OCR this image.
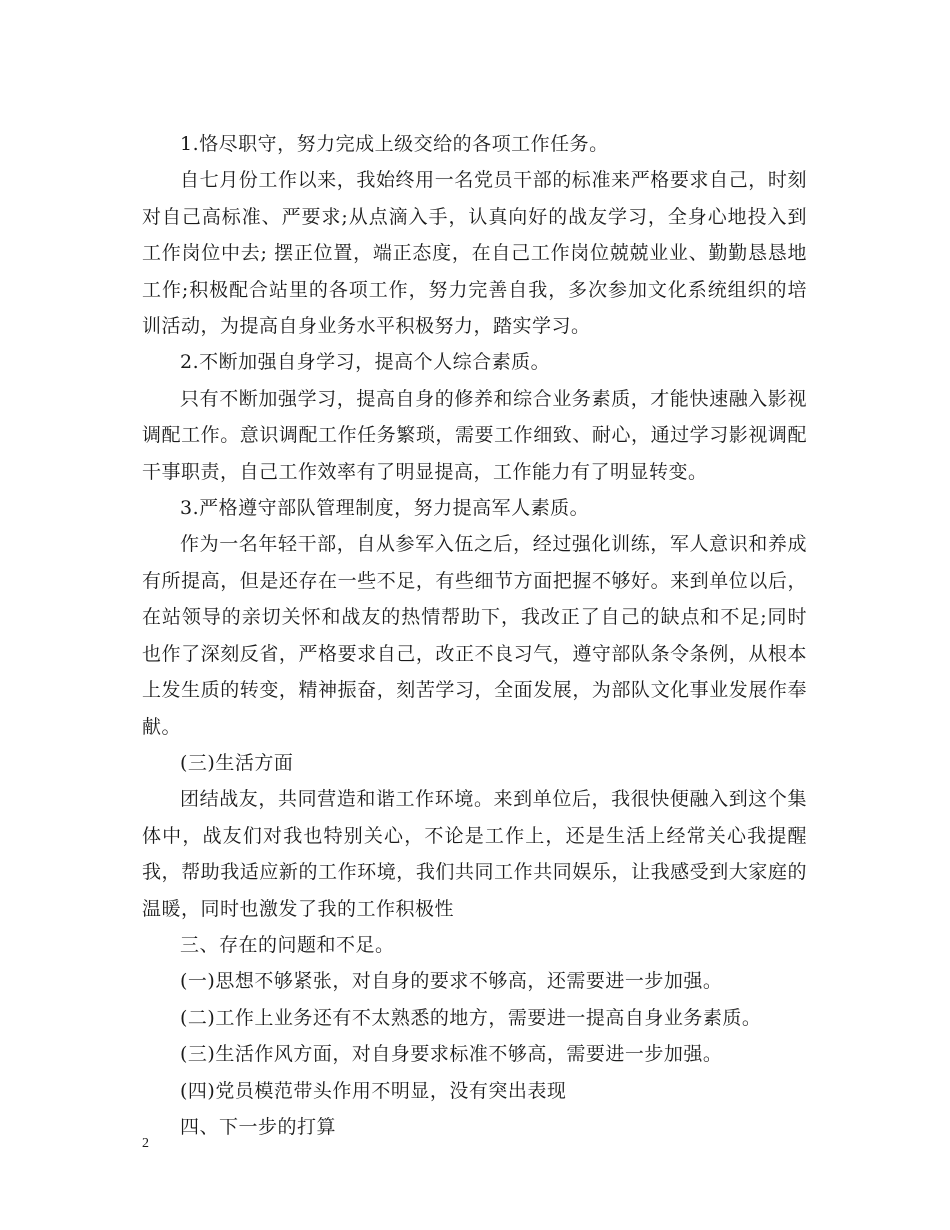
1.恪尽职守，努力完成上级交给的各项工作任务。

自七月份工作以来，我始终用一名党员干部的标准来严格要求自己，时刻对自己高标准、严要求;从点滴入手，认真向好的战友学习，全身心地投入到工作岗位中去; 摆正位置，端正态度，在自己工作岗位兢兢业业、勤勤恳恳地工作;积极配合站里的各项工作，努力完善自我，多次参加文化系统组织的培训活动，为提高自身业务水平积极努力，踏实学习。

2.不断加强自身学习，提高个人综合素质。

只有不断加强学习，提高自身的修养和综合业务素质，才能快速融入影视调配工作。意识调配工作任务繁琐，需要工作细致、耐心，通过学习影视调配干事职责，自己工作效率有了明显提高，工作能力有了明显转变。

3.严格遵守部队管理制度，努力提高军人素质。

作为一名年轻干部，自从参军入伍之后，经过强化训练，军人意识和养成有所提高，但是还存在一些不足，有些细节方面把握不够好。来到单位以后，在站领导的亲切关怀和战友的热情帮助下，我改正了自己的缺点和不足;同时也作了深刻反省，严格要求自己，改正不良习气，遵守部队条令条例，从根本上发生质的转变，精神振奋，刻苦学习，全面发展，为部队文化事业发展作奉献。

(三)生活方面

团结战友，共同营造和谐工作环境。来到单位后，我很快便融入到这个集体中，战友们对我也特别关心，不论是工作上，还是生活上经常关心我提醒我，帮助我适应新的工作环境，我们共同工作共同娱乐，让我感受到大家庭的温暖，同时也激发了我的工作积极性

三、存在的问题和不足。

(一)思想不够紧张，对自身的要求不够高，还需要进一步加强。

(二)工作上业务还有不太熟悉的地方，需要进一提高自身业务素质。

(三)生活作风方面，对自身要求标准不够高，需要进一步加强。

(四)党员模范带头作用不明显，没有突出表现

四、下一步的打算

2
